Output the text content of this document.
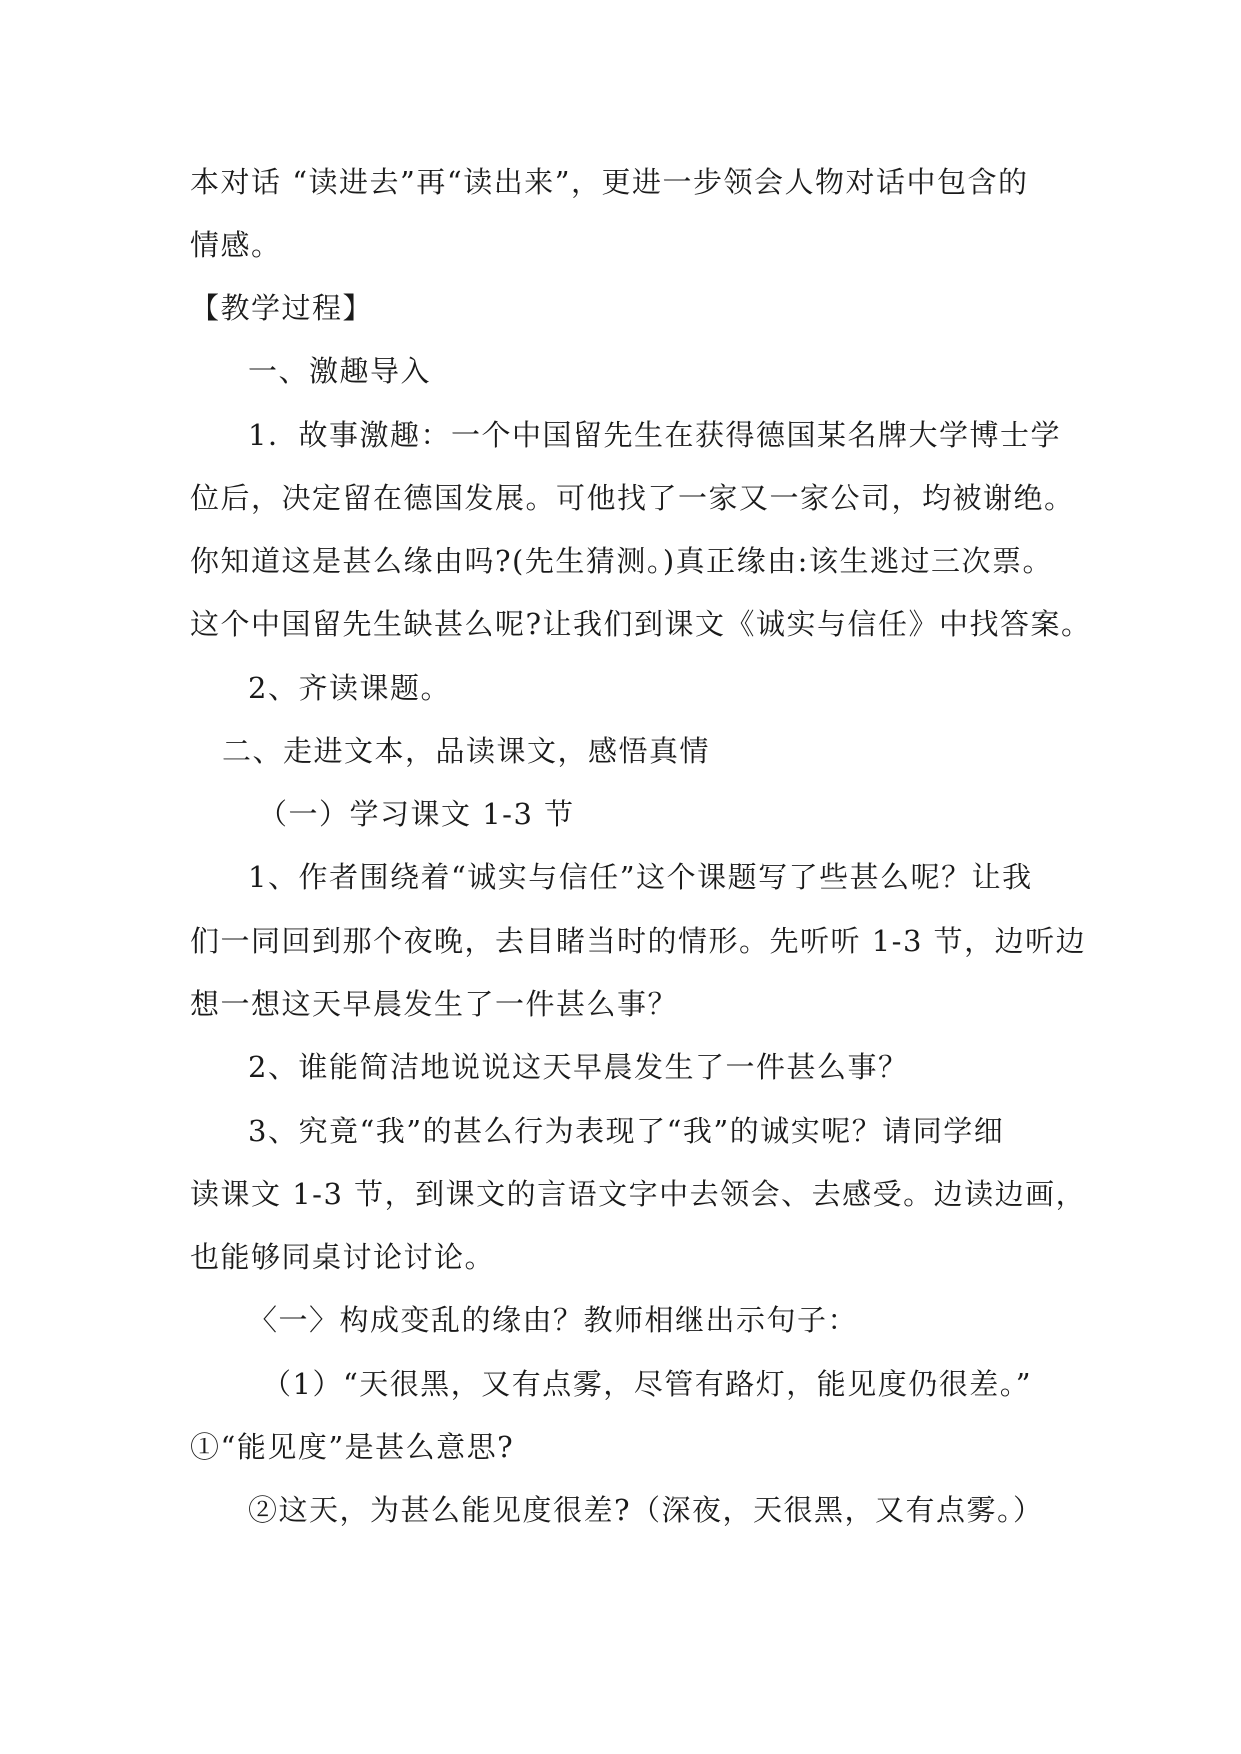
本对话 “读进去”再“读出来”，更进一步领会人物对话中包含的
情感。
【教学过程】
一、激趣导入
1．故事激趣：一个中国留先生在获得德国某名牌大学博士学
位后，决定留在德国发展。可他找了一家又一家公司，均被谢绝。
你知道这是甚么缘由吗?(先生猜测。)真正缘由:该生逃过三次票。
这个中国留先生缺甚么呢?让我们到课文《诚实与信任》中找答案。
2、齐读课题。
二、走进文本，品读课文，感悟真情
（一）学习课文 1-3 节
1、作者围绕着“诚实与信任”这个课题写了些甚么呢？让我
们一同回到那个夜晚，去目睹当时的情形。先听听 1-3 节，边听边
想一想这天早晨发生了一件甚么事？
2、谁能简洁地说说这天早晨发生了一件甚么事？
3、究竟“我”的甚么行为表现了“我”的诚实呢？请同学细
读课文 1-3 节，到课文的言语文字中去领会、去感受。边读边画，
也能够同桌讨论讨论。
〈一〉构成变乱的缘由？教师相继出示句子：
（1）“天很黑，又有点雾，尽管有路灯，能见度仍很差。”
①“能见度”是甚么意思?
②这天，为甚么能见度很差?（深夜，天很黑，又有点雾。）
